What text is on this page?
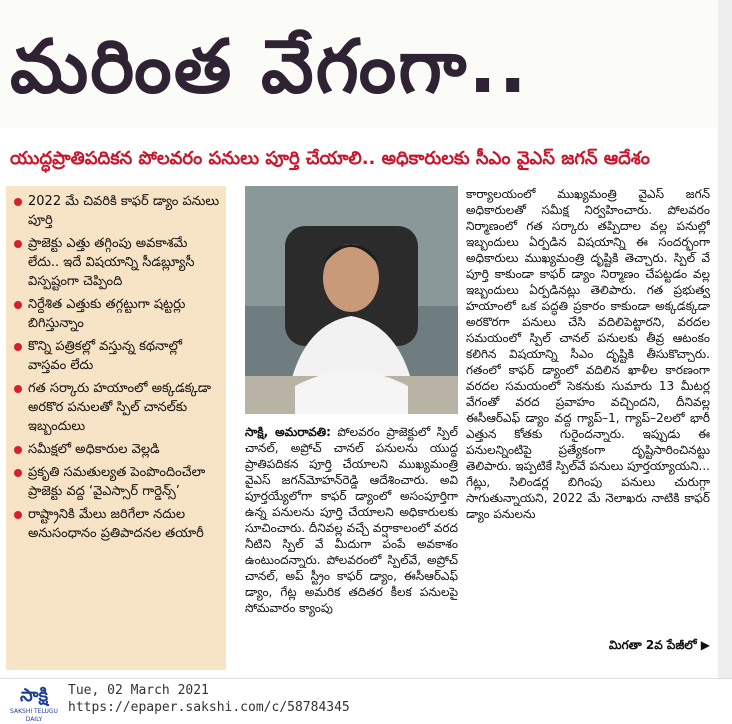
మరింత వేగంగా..
యుద్ధప్రాతిపదికన పోలవరం పనులు పూర్తి చేయాలి.. అధికారులకు సీఎం వైఎస్ జగన్ ఆదేశం
2022 మే చివరికి కాఫర్ డ్యాం పనులు పూర్తి
ప్రాజెక్టు ఎత్తు తగ్గింపు అవకాశమే లేదు.. ఇదే విషయాన్ని సీడబ్ల్యూసీ విస్పష్టంగా చెప్పింది
నిర్దేశిత ఎత్తుకు తగ్గట్టుగా షట్టర్లు బిగిస్తున్నాం
కొన్ని పత్రికల్లో వస్తున్న కథనాల్లో వాస్తవం లేదు
గత సర్కారు హయాంలో అక్కడక్కడా అరకొర పనులతో స్పిల్ చానల్‌కు ఇబ్బందులు
సమీక్షలో అధికారుల వెల్లడి
ప్రకృతి సమతుల్యత పెంపొందించేలా ప్రాజెక్టు వద్ద ‘వైఎస్సార్ గార్డెన్స్’
రాష్ట్రానికి మేలు జరిగేలా నదుల అనుసంధానం ప్రతిపాదనల తయారీ
సాక్షి, అమరావతి: పోలవరం ప్రాజెక్టులో స్పిల్ చానల్, అప్రోచ్ చానల్ పనులను యుద్ధ ప్రాతిపదికన పూర్తి చేయాలని ముఖ్యమంత్రి వైఎస్ జగన్‌మోహన్‌రెడ్డి ఆదేశించారు. అవి పూర్తయ్యేలోగా కాఫర్ డ్యాంలో అసంపూర్తిగా ఉన్న పనులను పూర్తి చేయాలని అధికారులకు సూచించారు. దీనివల్ల వచ్చే వర్షాకాలంలో వరద నీటిని స్పిల్ వే మీదుగా పంపే అవకాశం ఉంటుందన్నారు. పోలవరంలో స్పిల్‌వే, అప్రోచ్ చానల్, అప్ స్ట్రీం కాఫర్ డ్యాం, ఈసీఆర్ఎఫ్ డ్యాం, గేట్ల అమరిక తదితర కీలక పనులపై సోమవారం క్యాంపు
కార్యాలయంలో ముఖ్యమంత్రి వైఎస్ జగన్ అధికారులతో సమీక్ష నిర్వహించారు. పోలవరం నిర్మాణంలో గత సర్కారు తప్పిదాల వల్ల పనుల్లో ఇబ్బందులు ఏర్పడిన విషయాన్ని ఈ సందర్భంగా అధికారులు ముఖ్యమంత్రి దృష్టికి తెచ్చారు. స్పిల్ వే పూర్తి కాకుండా కాఫర్ డ్యాం నిర్మాణం చేపట్టడం వల్ల ఇబ్బందులు ఏర్పడినట్లు తెలిపారు. గత ప్రభుత్వ హయాంలో ఒక పద్ధతి ప్రకారం కాకుండా అక్కడక్కడా అరకొరగా పనులు చేసి వదిలిపెట్టారని, వరదల సమయంలో స్పిల్ చానల్ పనులకు తీవ్ర ఆటంకం కలిగిన విషయాన్ని సీఎం దృష్టికి తీసుకొచ్చారు. గతంలో కాఫర్ డ్యాంలో వదిలిన ఖాళీల కారణంగా వరదల సమయంలో సెకనుకు సుమారు 13 మీటర్ల వేగంతో వరద ప్రవాహం వచ్చిందని, దీనివల్ల ఈసీఆర్ఎఫ్ డ్యాం వద్ద గ్యాప్–1, గ్యాప్–2లలో భారీ ఎత్తున కోతకు గురైందన్నారు. ఇప్పుడు ఈ పనులన్నింటిపై ప్రత్యేకంగా దృష్టిసారించినట్టు తెలిపారు. ఇప్పటికే స్పిల్‌వే పనులు పూర్తయ్యాయని... గేట్లు, సిలిండర్ల బిగింపు పనులు చురుగ్గా సాగుతున్నాయని, 2022 మే నెలాఖరు నాటికి కాఫర్ డ్యాం పనులను
మిగతా 2వ పేజీలో ▶
సాక్షి
SAKSHI TELUGU DAILY
Tue, 02 March 2021
https://epaper.sakshi.com/c/58784345
